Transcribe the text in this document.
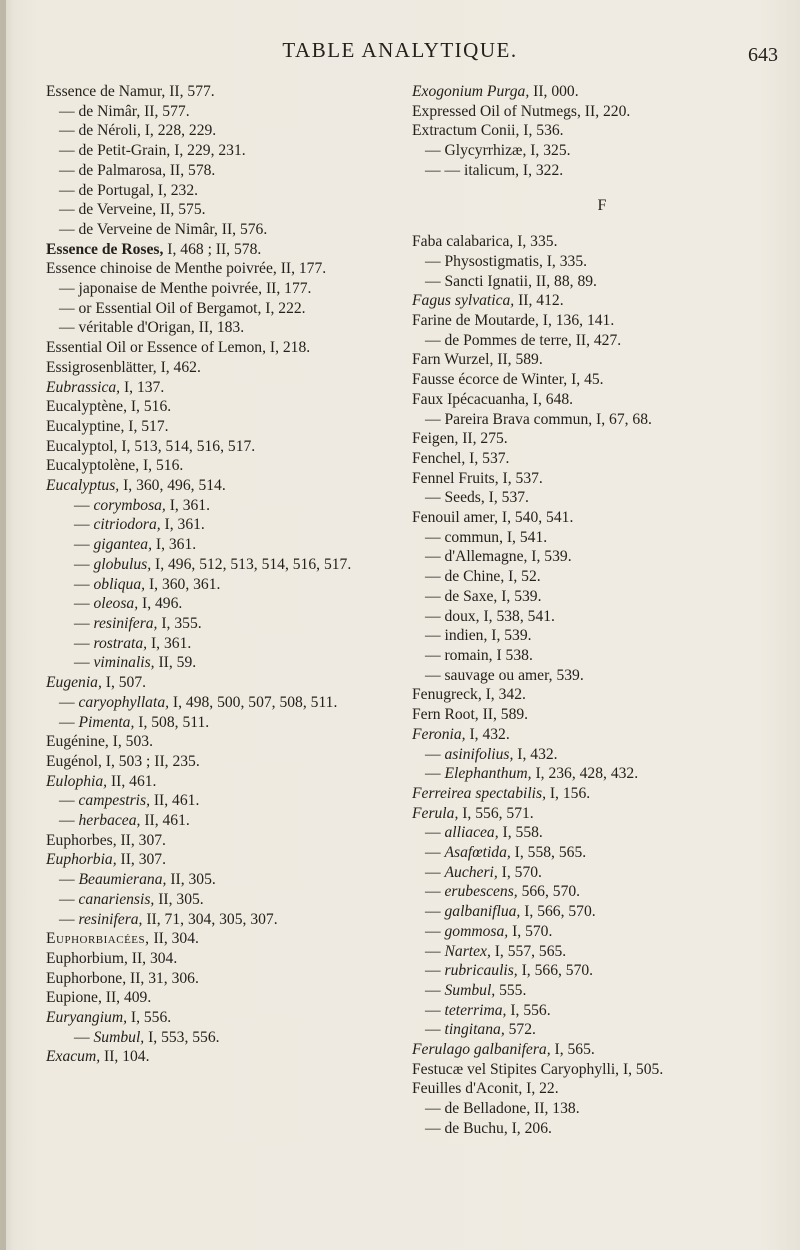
TABLE ANALYTIQUE.	643
Essence de Namur, II, 577.
— de Nimâr, II, 577.
— de Néroli, I, 228, 229.
— de Petit-Grain, I, 229, 231.
— de Palmarosa, II, 578.
— de Portugal, I, 232.
— de Verveine, II, 575.
— de Verveine de Nimâr, II, 576.
Essence de Roses, I, 468 ; II, 578.
Essence chinoise de Menthe poivrée, II, 177.
— japonaise de Menthe poivrée, II, 177.
— or Essential Oil of Bergamot, I, 222.
— véritable d'Origan, II, 183.
Essential Oil or Essence of Lemon, I, 218.
Essigrosenblätter, I, 462.
Eubrassica, I, 137.
Eucalyptène, I, 516.
Eucalyptine, I, 517.
Eucalyptol, I, 513, 514, 516, 517.
Eucalyptolène, I, 516.
Eucalyptus, I, 360, 496, 514.
— corymbosa, I, 361.
— citriodora, I, 361.
— gigantea, I, 361.
— globulus, I, 496, 512, 513, 514, 516, 517.
— obliqua, I, 360, 361.
— oleosa, I, 496.
— resinifera, I, 355.
— rostrata, I, 361.
— viminalis, II, 59.
Eugenia, I, 507.
— caryophyllata, I, 498, 500, 507, 508, 511.
— Pimenta, I, 508, 511.
Eugénine, I, 503.
Eugénol, I, 503 ; II, 235.
Eulophia, II, 461.
— campestris, II, 461.
— herbacea, II, 461.
Euphorbes, II, 307.
Euphorbia, II, 307.
— Beaumierana, II, 305.
— canariensis, II, 305.
— resinifera, II, 71, 304, 305, 307.
Euphorbiacées, II, 304.
Euphorbium, II, 304.
Euphorbone, II, 31, 306.
Eupione, II, 409.
Euryangium, I, 556.
— Sumbul, I, 553, 556.
Exacum, II, 104.
Exogonium Purga, II, 000.
Expressed Oil of Nutmegs, II, 220.
Extractum Conii, I, 536.
— Glycyrrhizæ, I, 325.
— — italicum, I, 322.
F
Faba calabarica, I, 335.
— Physostigmatis, I, 335.
— Sancti Ignatii, II, 88, 89.
Fagus sylvatica, II, 412.
Farine de Moutarde, I, 136, 141.
— de Pommes de terre, II, 427.
Farn Wurzel, II, 589.
Fausse écorce de Winter, I, 45.
Faux Ipécacuanha, I, 648.
— Pareira Brava commun, I, 67, 68.
Feigen, II, 275.
Fenchel, I, 537.
Fennel Fruits, I, 537.
— Seeds, I, 537.
Fenouil amer, I, 540, 541.
— commun, I, 541.
— d'Allemagne, I, 539.
— de Chine, I, 52.
— de Saxe, I, 539.
— doux, I, 538, 541.
— indien, I, 539.
— romain, I 538.
— sauvage ou amer, 539.
Fenugreck, I, 342.
Fern Root, II, 589.
Feronia, I, 432.
— asinifolius, I, 432.
— Elephanthum, I, 236, 428, 432.
Ferreirea spectabilis, I, 156.
Ferula, I, 556, 571.
— alliacea, I, 558.
— Asafœtida, I, 558, 565.
— Aucheri, I, 570.
— erubescens, 566, 570.
— galbaniflua, I, 566, 570.
— gommosa, I, 570.
— Nartex, I, 557, 565.
— rubricaulis, I, 566, 570.
— Sumbul, 555.
— teterrima, I, 556.
— tingitana, 572.
Ferulago galbanifera, I, 565.
Festucæ vel Stipites Caryophylli, I, 505.
Feuilles d'Aconit, I, 22.
— de Belladone, II, 138.
— de Buchu, I, 206.
